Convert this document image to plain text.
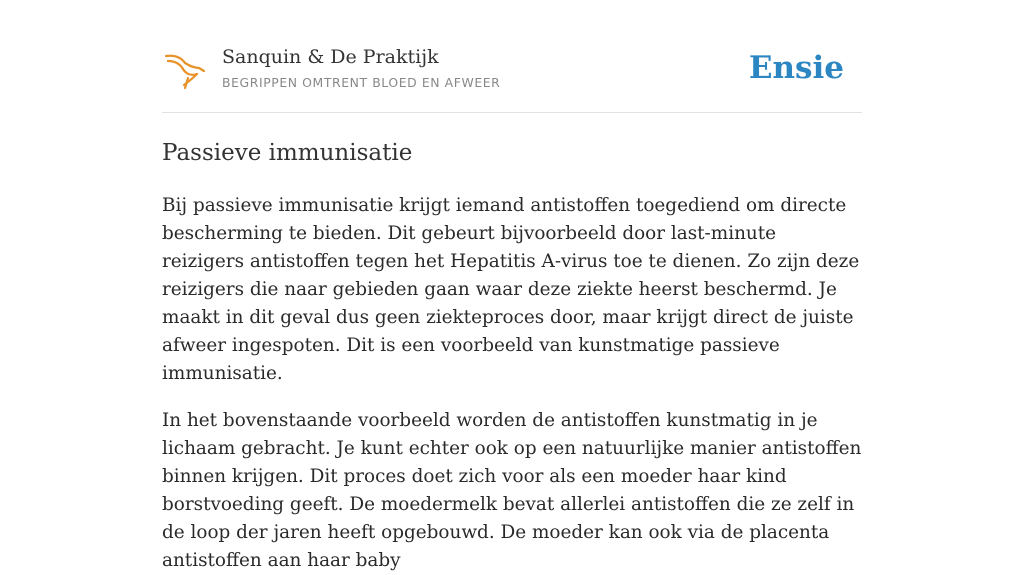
Sanquin & De Praktijk
BEGRIPPEN OMTRENT BLOED EN AFWEER	Ensie
Passieve immunisatie

Bij passieve immunisatie krijgt iemand antistoffen toegediend om directe bescherming te bieden. Dit gebeurt bijvoorbeeld door last-minute reizigers antistoffen tegen het Hepatitis A-virus toe te dienen. Zo zijn deze reizigers die naar gebieden gaan waar deze ziekte heerst beschermd. Je maakt in dit geval dus geen ziekteproces door, maar krijgt direct de juiste afweer ingespoten. Dit is een voorbeeld van kunstmatige passieve immunisatie.

In het bovenstaande voorbeeld worden de antistoffen kunstmatig in je lichaam gebracht. Je kunt echter ook op een natuurlijke manier antistoffen binnen krijgen. Dit proces doet zich voor als een moeder haar kind borstvoeding geeft. De moedermelk bevat allerlei antistoffen die ze zelf in de loop der jaren heeft opgebouwd. De moeder kan ook via de placenta antistoffen aan haar baby
